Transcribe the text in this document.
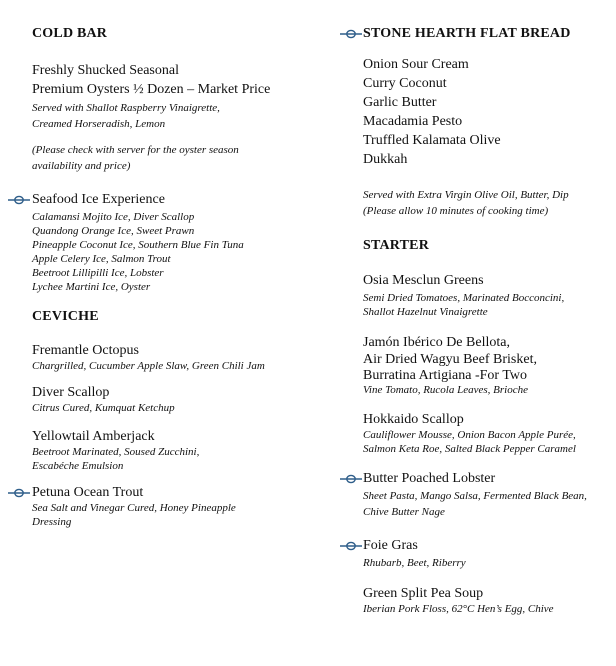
COLD BAR
Freshly Shucked Seasonal
Premium Oysters ½ Dozen – Market Price
Served with Shallot Raspberry Vinaigrette,
Creamed Horseradish, Lemon
(Please check with server for the oyster season
availability and price)
Seafood Ice Experience
Calamansi Mojito Ice, Diver Scallop
Quandong Orange Ice, Sweet Prawn
Pineapple Coconut Ice, Southern Blue Fin Tuna
Apple Celery Ice, Salmon Trout
Beetroot Lillipilli Ice, Lobster
Lychee Martini Ice, Oyster
CEVICHE
Fremantle Octopus
Chargrilled, Cucumber Apple Slaw, Green Chili Jam
Diver Scallop
Citrus Cured, Kumquat Ketchup
Yellowtail Amberjack
Beetroot Marinated, Soused Zucchini,
Escabéche Emulsion
Petuna Ocean Trout
Sea Salt and Vinegar Cured, Honey Pineapple
Dressing
STONE HEARTH FLAT BREAD
Onion Sour Cream
Curry Coconut
Garlic Butter
Macadamia Pesto
Truffled Kalamata Olive
Dukkah
Served with Extra Virgin Olive Oil, Butter, Dip
(Please allow 10 minutes of cooking time)
STARTER
Osia Mesclun Greens
Semi Dried Tomatoes, Marinated Bocconcini,
Shallot Hazelnut Vinaigrette
Jamón Ibérico De Bellota,
Air Dried Wagyu Beef Brisket,
Burratina Artigiana -For Two
Vine Tomato, Rucola Leaves, Brioche
Hokkaido Scallop
Cauliflower Mousse, Onion Bacon Apple Purée,
Salmon Keta Roe, Salted Black Pepper Caramel
Butter Poached Lobster
Sheet Pasta, Mango Salsa, Fermented Black Bean,
Chive Butter Nage
Foie Gras
Rhubarb, Beet, Riberry
Green Split Pea Soup
Iberian Pork Floss, 62°C Hen’s Egg, Chive
